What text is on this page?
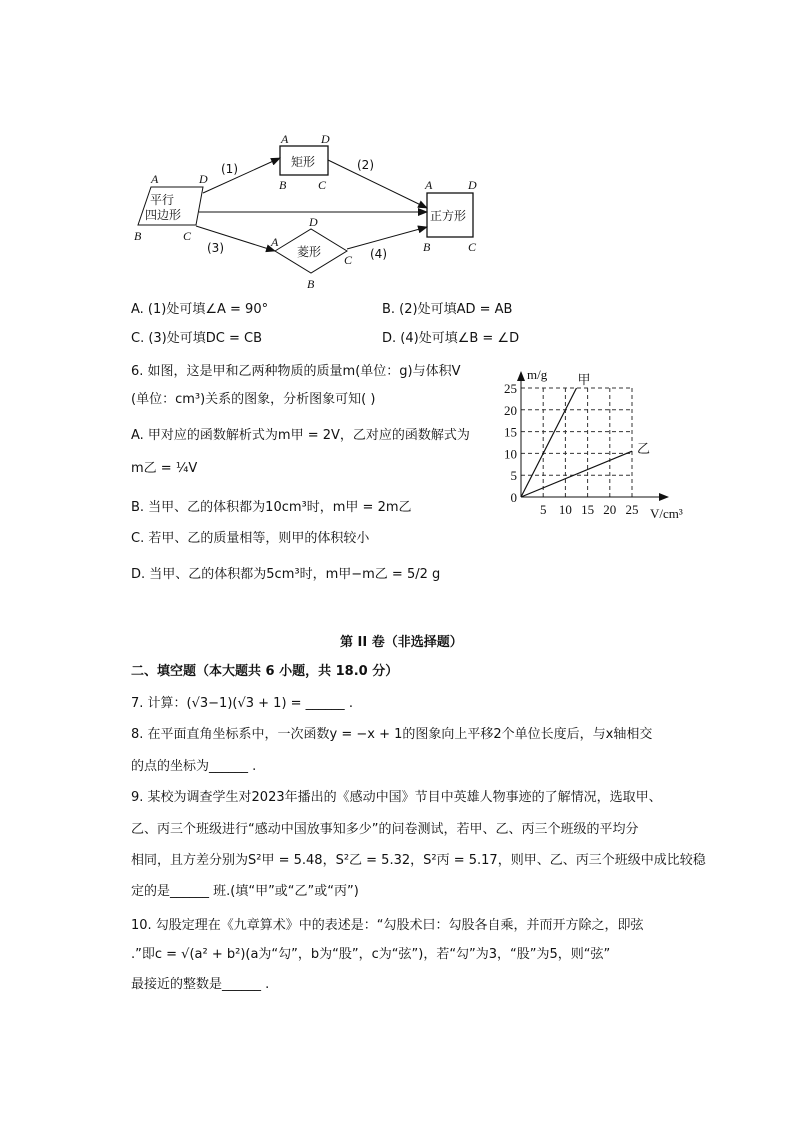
平行
四边形
矩形
正方形
菱形
(1)	(2)
(3)	(4)
A	D
B	C
A	D
B	C	A	D
B	C
D
A
C
B
A. (1)处可填∠A = 90°	B. (2)处可填AD = AB
C. (3)处可填DC = CB	D. (4)处可填∠B = ∠D
6. 如图，这是甲和乙两种物质的质量m(单位：g)与体积V
(单位：cm³)关系的图象，分析图象可知( )
A. 甲对应的函数解析式为m甲 = 2V，乙对应的函数解式为
m乙 = ¼V
B. 当甲、乙的体积都为10cm³时，m甲 = 2m乙
C. 若甲、乙的质量相等，则甲的体积较小
D. 当甲、乙的体积都为5cm³时，m甲−m乙 = 5/2 g
5 10 15 20 25
0
5
10
15
20
25
V/cm³
m/g 甲
乙
第 II 卷（非选择题）
二、填空题（本大题共 6 小题，共 18.0 分）
7. 计算：(√3−1)(√3 + 1) = ______ .
8. 在平面直角坐标系中，一次函数y = −x + 1的图象向上平移2个单位长度后，与x轴相交
的点的坐标为______ .
9. 某校为调查学生对2023年播出的《感动中国》节目中英雄人物事迹的了解情况，选取甲、
乙、丙三个班级进行“感动中国放事知多少”的问卷测试，若甲、乙、丙三个班级的平均分
相同，且方差分别为S²甲 = 5.48，S²乙 = 5.32，S²丙 = 5.17，则甲、乙、丙三个班级中成比较稳
定的是______ 班.(填“甲”或“乙”或“丙”)
10. 勾股定理在《九章算术》中的表述是：“勾股术曰：勾股各自乘，并而开方除之，即弦
.”即c = √(a² + b²)(a为“勾”，b为“股”，c为“弦”)，若“勾”为3，“股”为5，则“弦”
最接近的整数是______ .
